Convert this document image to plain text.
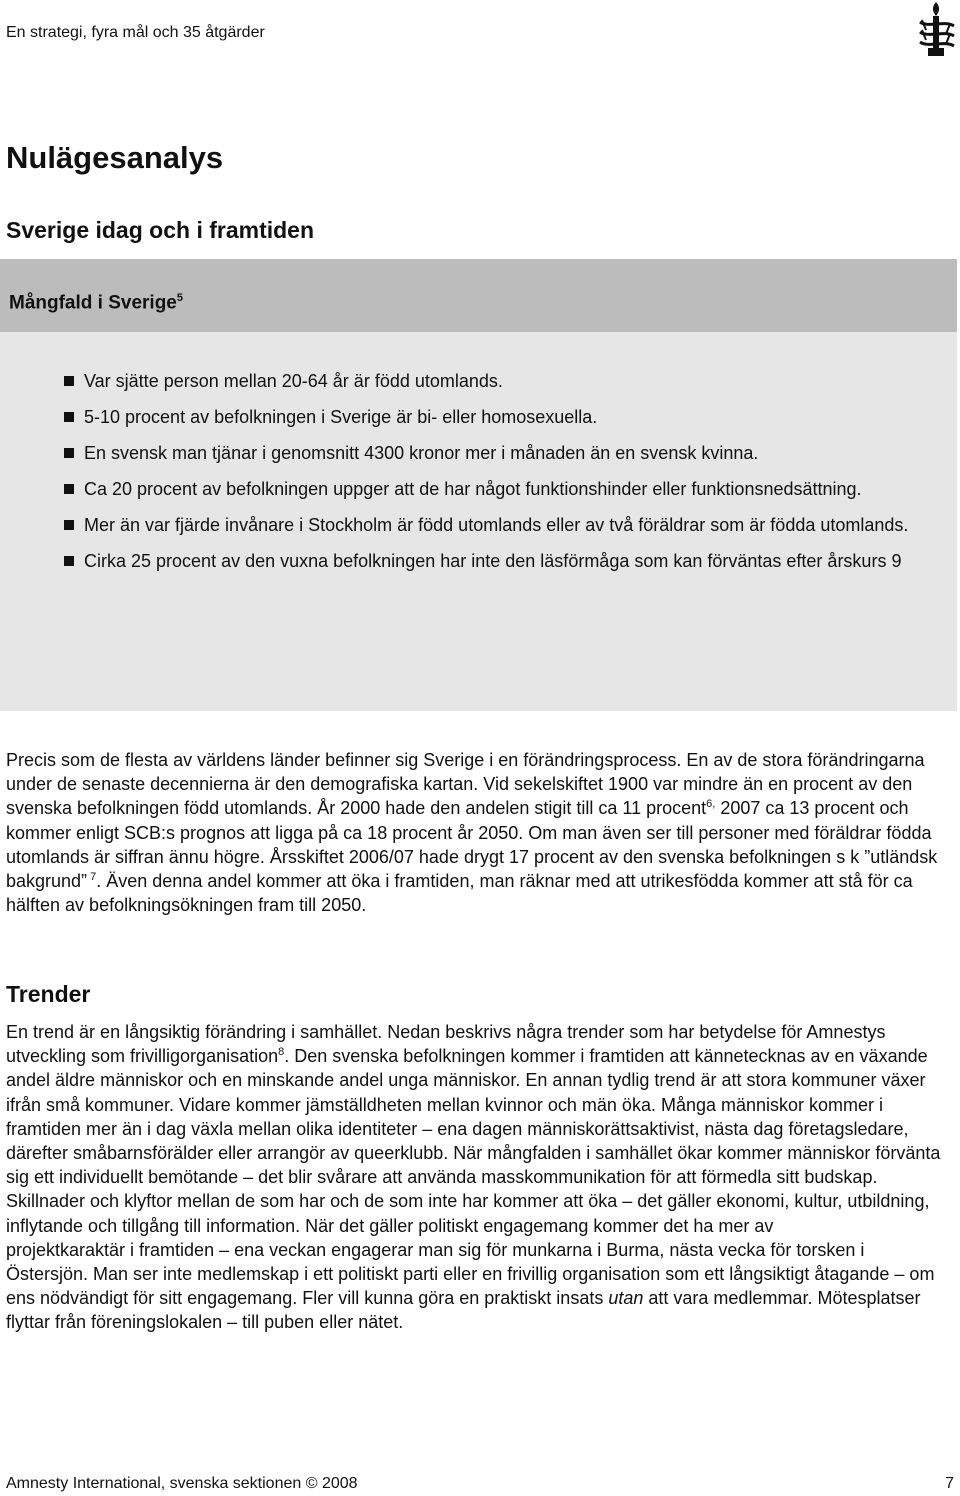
En strategi, fyra mål och 35 åtgärder
Nulägesanalys
Sverige idag och i framtiden
Mångfald i Sverige$^5$
Var sjätte person mellan 20-64 år är född utomlands.
5-10 procent av befolkningen i Sverige är bi- eller homosexuella.
En svensk man tjänar i genomsnitt 4300 kronor mer i månaden än en svensk kvinna.
Ca 20 procent av befolkningen uppger att de har något funktionshinder eller funktionsnedsättning.
Mer än var fjärde invånare i Stockholm är född utomlands eller av två föräldrar som är födda utomlands.
Cirka 25 procent av den vuxna befolkningen har inte den läsförmåga som kan förväntas efter årskurs 9

Precis som de flesta av världens länder befinner sig Sverige i en förändringsprocess. En av de stora förändringarna under de senaste decennierna är den demografiska kartan. Vid sekelskiftet 1900 var mindre än en procent av den svenska befolkningen född utomlands. År 2000 hade den andelen stigit till ca 11 procent$^{6,}$ 2007 ca 13 procent och kommer enligt SCB:s prognos att ligga på ca 18 procent år 2050. Om man även ser till personer med föräldrar födda utomlands är siffran ännu högre. Årsskiftet 2006/07 hade drygt 17 procent av den svenska befolkningen s k ”utländsk bakgrund” $^7$. Även denna andel kommer att öka i framtiden, man räknar med att utrikesfödda kommer att stå för ca hälften av befolkningsökningen fram till 2050.

Trender

En trend är en långsiktig förändring i samhället. Nedan beskrivs några trender som har betydelse för Amnestys utveckling som frivilligorganisation$^8$. Den svenska befolkningen kommer i framtiden att kännetecknas av en växande andel äldre människor och en minskande andel unga människor. En annan tydlig trend är att stora kommuner växer ifrån små kommuner. Vidare kommer jämställdheten mellan kvinnor och män öka. Många människor kommer i framtiden mer än i dag växla mellan olika identiteter – ena dagen människorättsaktivist, nästa dag företagsledare, därefter småbarnsförälder eller arrangör av queerklubb. När mångfalden i samhället ökar kommer människor förvänta sig ett individuellt bemötande – det blir svårare att använda masskommunikation för att förmedla sitt budskap. Skillnader och klyftor mellan de som har och de som inte har kommer att öka – det gäller ekonomi, kultur, utbildning, inflytande och tillgång till information. När det gäller politiskt engagemang kommer det ha mer av
projektkaraktär i framtiden – ena veckan engagerar man sig för munkarna i Burma, nästa vecka för torsken i Östersjön. Man ser inte medlemskap i ett politiskt parti eller en frivillig organisation som ett långsiktigt åtagande – om ens nödvändigt för sitt engagemang. Fler vill kunna göra en praktiskt insats utan att vara medlemmar. Mötesplatser flyttar från föreningslokalen – till puben eller nätet.

Amnesty International, svenska sektionen © 2008	7
